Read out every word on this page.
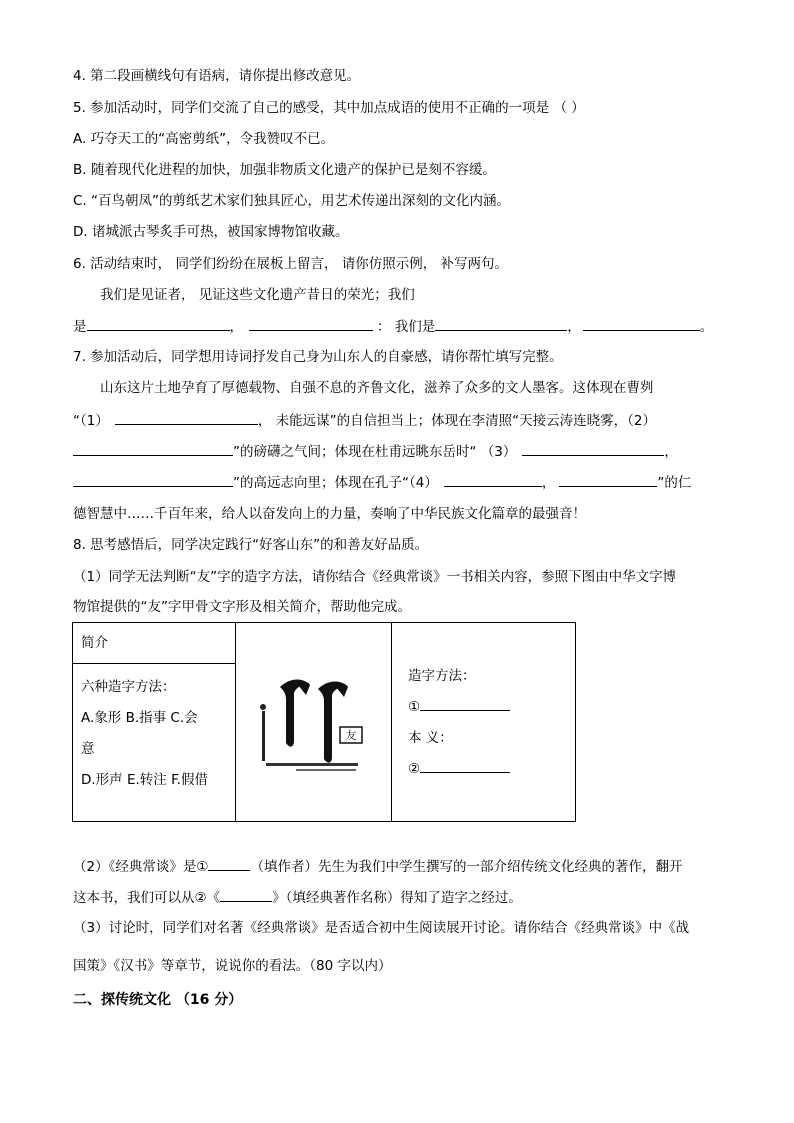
4. 第二段画横线句有语病，请你提出修改意见。
5. 参加活动时，同学们交流了自己的感受，其中加点成语的使用不正确的一项是 （ ）
A. 巧夺天工的“高密剪纸”，令我赞叹不已。
B. 随着现代化进程的加快，加强非物质文化遗产的保护已是刻不容缓。
C. “百鸟朝凤”的剪纸艺术家们独具匠心，用艺术传递出深刻的文化内涵。
D. 诸城派古琴炙手可热，被国家博物馆收藏。
6. 活动结束时， 同学们纷纷在展板上留言， 请你仿照示例， 补写两句。
我们是见证者， 见证这些文化遗产昔日的荣光；我们
是	，	： 我们是	，	。
7. 参加活动后，同学想用诗词抒发自己身为山东人的自豪感，请你帮忙填写完整。
山东这片土地孕育了厚德载物、自强不息的齐鲁文化，滋养了众多的文人墨客。这体现在曹刿
“（1）	， 未能远谋”的自信担当上；体现在李清照“天接云涛连晓雾，（2）
”的磅礴之气间；体现在杜甫远眺东岳时“ （3）	，
”的高远志向里；体现在孔子“（4）	，	”的仁
德智慧中……千百年来，给人以奋发向上的力量，奏响了中华民族文化篇章的最强音！
8. 思考感悟后，同学决定践行“好客山东”的和善友好品质。
（1）同学无法判断“友”字的造字方法，请你结合《经典常谈》一书相关内容，参照下图由中华文字博
物馆提供的“友”字甲骨文字形及相关简介，帮助他完成。
简介
六种造字方法：
A.象形 B.指事 C.会
意
D.形声 E.转注 F.假借

友

造字方法：
①
本 义：
②
（2）《经典常谈》是①	（填作者）先生为我们中学生撰写的一部介绍传统文化经典的著作，翻开
这本书，我们可以从②《	》（填经典著作名称）得知了造字之经过。
（3）讨论时，同学们对名著《经典常谈》是否适合初中生阅读展开讨论。请你结合《经典常谈》中《战
国策》《汉书》等章节，说说你的看法。（80 字以内）
二、探传统文化 （16 分）
